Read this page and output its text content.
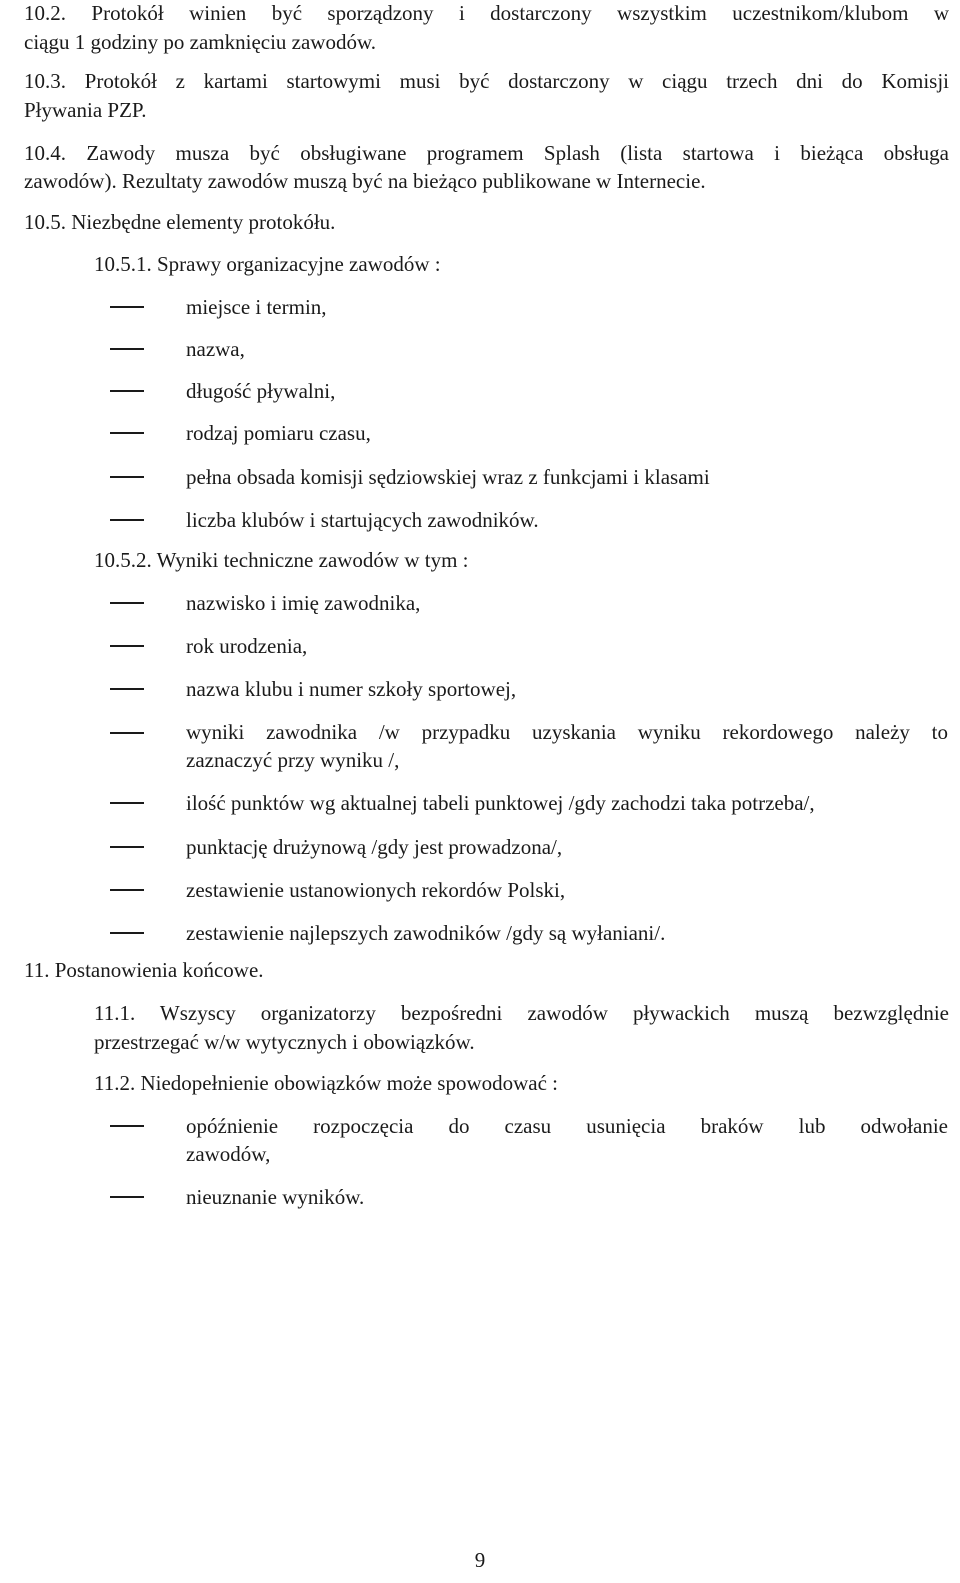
10.2. Protokół winien być sporządzony i dostarczony wszystkim uczestnikom/klubom w
ciągu 1 godziny po zamknięciu zawodów.
10.3. Protokół z kartami startowymi musi być dostarczony w ciągu trzech dni do Komisji
Pływania PZP.
10.4. Zawody musza być obsługiwane programem Splash (lista startowa i bieżąca obsługa
zawodów). Rezultaty zawodów muszą być na bieżąco publikowane w Internecie.
10.5. Niezbędne elementy protokółu.
10.5.1. Sprawy organizacyjne zawodów :
miejsce i termin,
nazwa,
długość pływalni,
rodzaj pomiaru czasu,
pełna obsada komisji sędziowskiej wraz z funkcjami i klasami
liczba klubów i startujących zawodników.
10.5.2. Wyniki techniczne zawodów w tym :
nazwisko i imię zawodnika,
rok urodzenia,
nazwa klubu i numer szkoły sportowej,
wyniki zawodnika /w przypadku uzyskania wyniku rekordowego należy to
zaznaczyć przy wyniku /,
ilość punktów wg aktualnej tabeli punktowej /gdy zachodzi taka potrzeba/,
punktację drużynową /gdy jest prowadzona/,
zestawienie ustanowionych rekordów Polski,
zestawienie najlepszych zawodników /gdy są wyłaniani/.
11. Postanowienia końcowe.
11.1. Wszyscy organizatorzy bezpośredni zawodów pływackich muszą bezwzględnie
przestrzegać w/w wytycznych i obowiązków.
11.2. Niedopełnienie obowiązków może spowodować :
opóźnienie rozpoczęcia do czasu usunięcia braków lub odwołanie
zawodów,
nieuznanie wyników.
9
